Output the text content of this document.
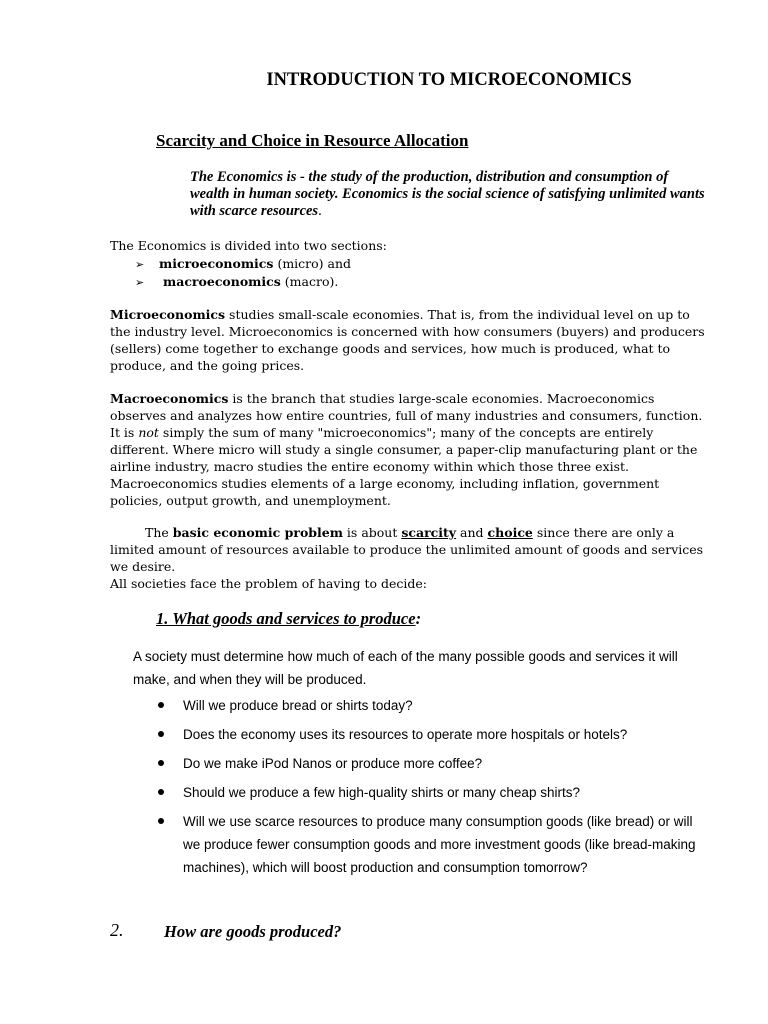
INTRODUCTION TO MICROECONOMICS
Scarcity and Choice in Resource Allocation
The Economics is - the study of the production, distribution and consumption of wealth in human society. Economics is the social science of satisfying unlimited wants with scarce resources.
The Economics is divided into two sections:
➢ microeconomics (micro) and
➢ macroeconomics (macro).
Microeconomics studies small-scale economies. That is, from the individual level on up to the industry level. Microeconomics is concerned with how consumers (buyers) and producers (sellers) come together to exchange goods and services, how much is produced, what to produce, and the going prices.
Macroeconomics is the branch that studies large-scale economies. Macroeconomics observes and analyzes how entire countries, full of many industries and consumers, function. It is not simply the sum of many "microeconomics"; many of the concepts are entirely different. Where micro will study a single consumer, a paper-clip manufacturing plant or the airline industry, macro studies the entire economy within which those three exist. Macroeconomics studies elements of a large economy, including inflation, government policies, output growth, and unemployment.
The basic economic problem is about scarcity and choice since there are only a limited amount of resources available to produce the unlimited amount of goods and services we desire.
All societies face the problem of having to decide:
1. What goods and services to produce:
A society must determine how much of each of the many possible goods and services it will make, and when they will be produced.
Will we produce bread or shirts today?
Does the economy uses its resources to operate more hospitals or hotels?
Do we make iPod Nanos or produce more coffee?
Should we produce a few high-quality shirts or many cheap shirts?
Will we use scarce resources to produce many consumption goods (like bread) or will we produce fewer consumption goods and more investment goods (like bread-making machines), which will boost production and consumption tomorrow?
2. How are goods produced?
